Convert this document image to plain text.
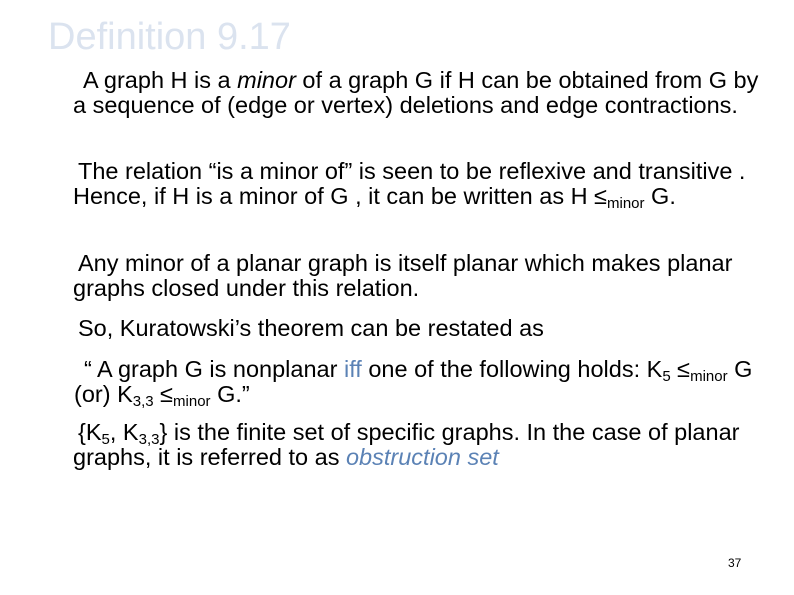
Definition 9.17

A graph H is a minor of a graph G if H can be obtained from G by a sequence of (edge or vertex) deletions and edge contractions.

The relation “is a minor of” is seen to be reflexive and transitive . Hence, if H is a minor of G , it can be written as $H \le_{minor}$ G.

Any minor of a planar graph is itself planar which makes planar graphs closed under this relation.

So, Kuratowski’s theorem can be restated as

“ A graph G is nonplanar iff one of the following holds: $K_5 \le_{minor}$ G (or) $K_{3,3} \le_{minor}$ G.”

{$K_5$, $K_{3,3}$} is the finite set of specific graphs. In the case of planar graphs, it is referred to as obstruction set

37
